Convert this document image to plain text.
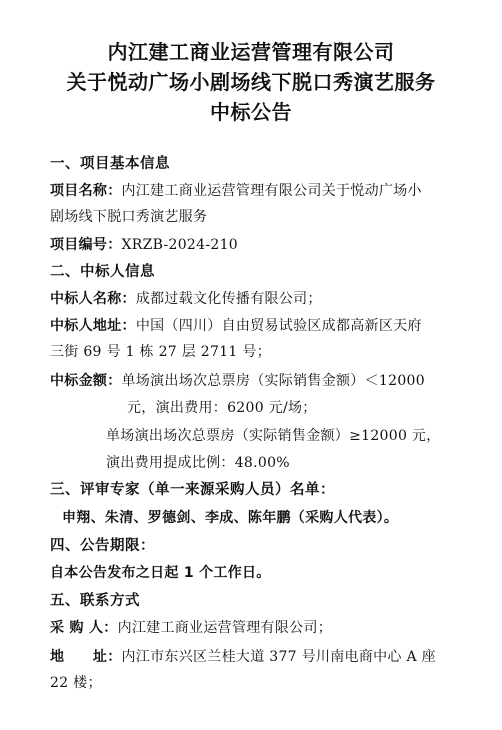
内江建工商业运营管理有限公司
关于悦动广场小剧场线下脱口秀演艺服务
中标公告
一、项目基本信息
项目名称：内江建工商业运营管理有限公司关于悦动广场小
剧场线下脱口秀演艺服务
项目编号：XRZB-2024-210
二、中标人信息
中标人名称：成都过载文化传播有限公司；
中标人地址：中国（四川）自由贸易试验区成都高新区天府
三街 69 号 1 栋 27 层 2711 号；
中标金额：单场演出场次总票房（实际销售金额）＜12000
元，演出费用：6200 元/场；
单场演出场次总票房（实际销售金额）≥12000 元，
演出费用提成比例：48.00%
三、评审专家（单一来源采购人员）名单：
申翔、朱清、罗德剑、李成、陈年鹏（采购人代表）。
四、公告期限：
自本公告发布之日起 1 个工作日。
五、联系方式
采 购 人：内江建工商业运营管理有限公司；
地　　址：内江市东兴区兰桂大道 377 号川南电商中心 A 座
22 楼；
